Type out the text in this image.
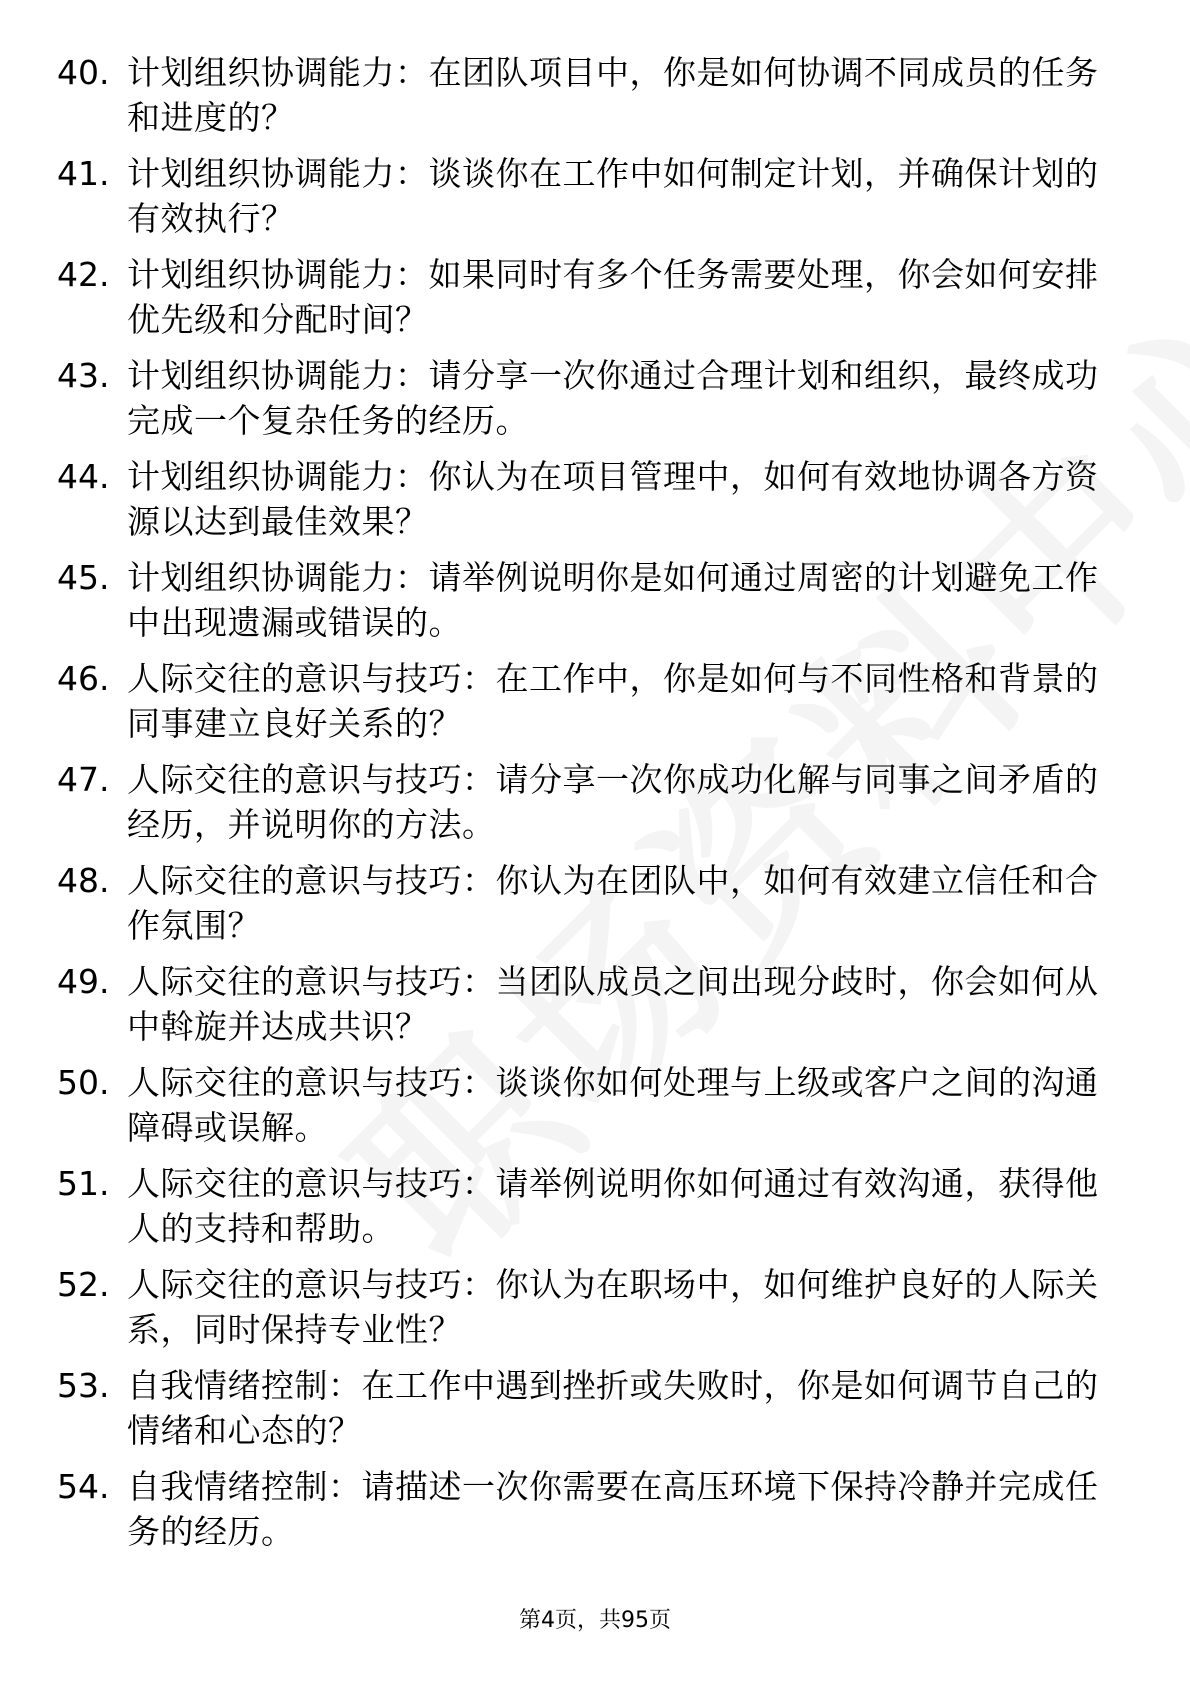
40. 计划组织协调能力：在团队项目中，你是如何协调不同成员的任务和进度的？
41. 计划组织协调能力：谈谈你在工作中如何制定计划，并确保计划的有效执行？
42. 计划组织协调能力：如果同时有多个任务需要处理，你会如何安排优先级和分配时间？
43. 计划组织协调能力：请分享一次你通过合理计划和组织，最终成功完成一个复杂任务的经历。
44. 计划组织协调能力：你认为在项目管理中，如何有效地协调各方资源以达到最佳效果？
45. 计划组织协调能力：请举例说明你是如何通过周密的计划避免工作中出现遗漏或错误的。
46. 人际交往的意识与技巧：在工作中，你是如何与不同性格和背景的同事建立良好关系的？
47. 人际交往的意识与技巧：请分享一次你成功化解与同事之间矛盾的经历，并说明你的方法。
48. 人际交往的意识与技巧：你认为在团队中，如何有效建立信任和合作氛围？
49. 人际交往的意识与技巧：当团队成员之间出现分歧时，你会如何从中斡旋并达成共识？
50. 人际交往的意识与技巧：谈谈你如何处理与上级或客户之间的沟通障碍或误解。
51. 人际交往的意识与技巧：请举例说明你如何通过有效沟通，获得他人的支持和帮助。
52. 人际交往的意识与技巧：你认为在职场中，如何维护良好的人际关系，同时保持专业性？
53. 自我情绪控制：在工作中遇到挫折或失败时，你是如何调节自己的情绪和心态的？
54. 自我情绪控制：请描述一次你需要在高压环境下保持冷静并完成任务的经历。
第4页，共95页
